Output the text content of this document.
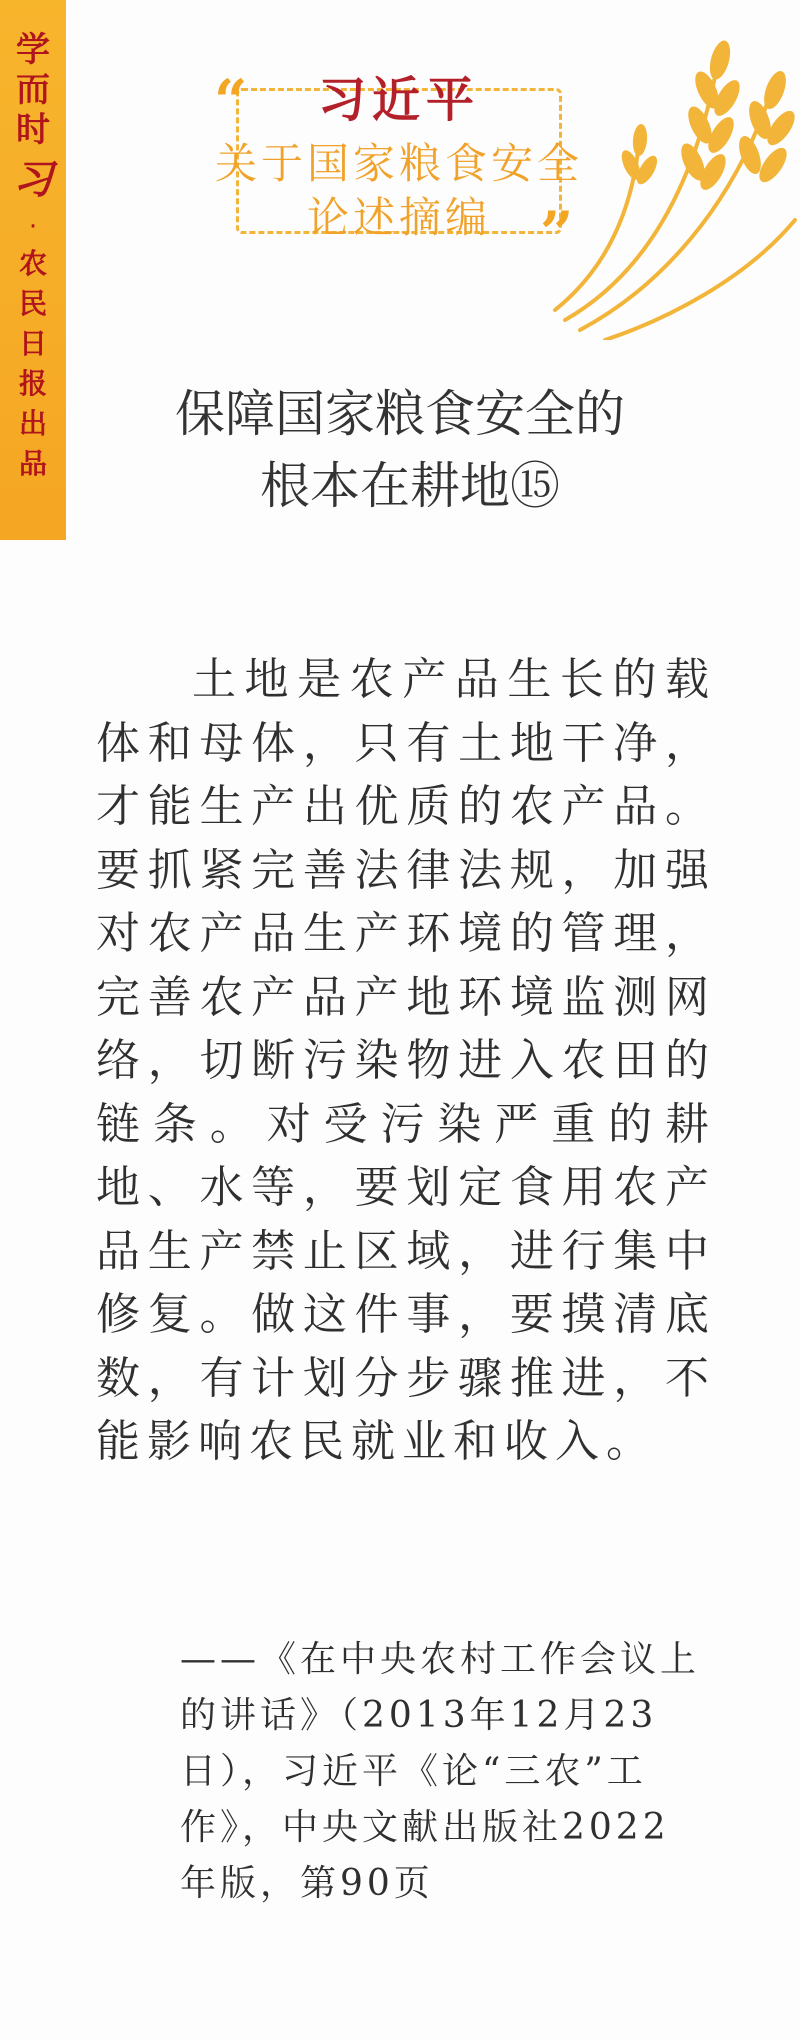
学而时
习
·
农民日报出品
“
”
习近平
关于国家粮食安全
论述摘编
保障国家粮食安全的

根本在耕地⑮
土地是农产品生长的载体和母体，只有土地干净，才能生产出优质的农产品。要抓紧完善法律法规，加强对农产品生产环境的管理，完善农产品产地环境监测网络，切断污染物进入农田的链条。对受污染严重的耕地、水等，要划定食用农产品生产禁止区域，进行集中修复。做这件事，要摸清底数，有计划分步骤推进，不能影响农民就业和收入。
——《在中央农村工作会议上的讲话》（2013年12月23日），习近平《论“三农”工作》，中央文献出版社2022年版，第90页
